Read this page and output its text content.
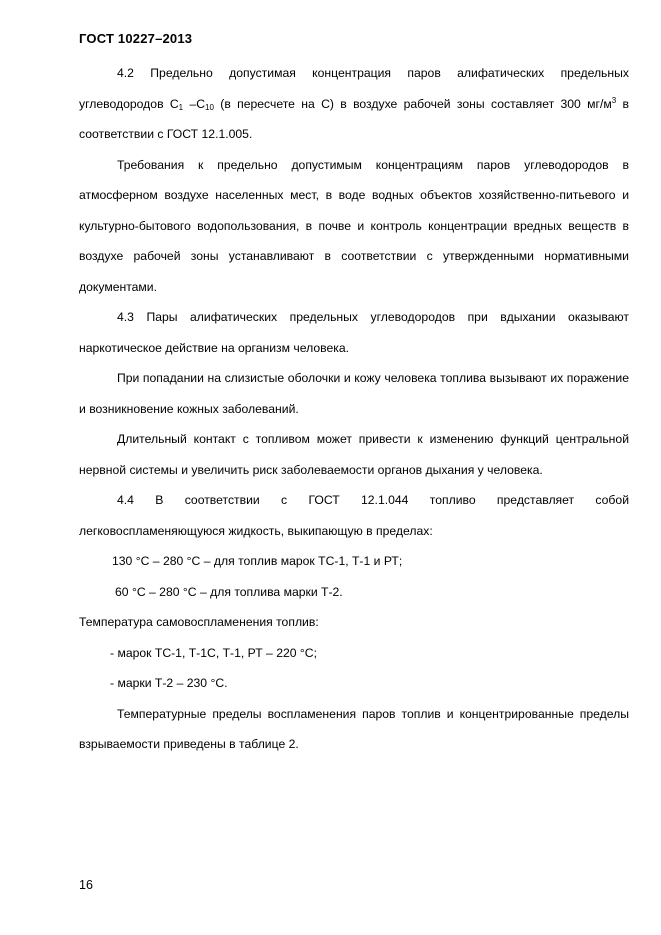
ГОСТ 10227–2013

4.2 Предельно допустимая концентрация паров алифатических предельных углеводородов $C_1$ $-C_{10}$ (в пересчете на C) в воздухе рабочей зоны составляет 300 $мг/м^3$ в соответствии с ГОСТ 12.1.005.

Требования к предельно допустимым концентрациям паров углеводородов в атмосферном воздухе населенных мест, в воде водных объектов хозяйственно-питьевого и культурно-бытового водопользования, в почве и контроль концентрации вредных веществ в воздухе рабочей зоны устанавливают в соответствии с утвержденными нормативными документами.

4.3 Пары алифатических предельных углеводородов при вдыхании оказывают наркотическое действие на организм человека.

При попадании на слизистые оболочки и кожу человека топлива вызывают их поражение и возникновение кожных заболеваний.

Длительный контакт с топливом может привести к изменению функций центральной нервной системы и увеличить риск заболеваемости органов дыхания у человека.

4.4 В соответствии с ГОСТ 12.1.044 топливо представляет собой легковоспламеняющуюся жидкость, выкипающую в пределах:

130 °С – 280 °С – для топлив марок ТС-1, Т-1 и РТ;

60 °С – 280 °С – для топлива марки Т-2.

Температура самовоспламенения топлив:

- марок ТС-1, Т-1С, Т-1, РТ – 220 °С;

- марки Т-2 – 230 °С.

Температурные пределы воспламенения паров топлив и концентрированные пределы взрываемости приведены в таблице 2.

16
